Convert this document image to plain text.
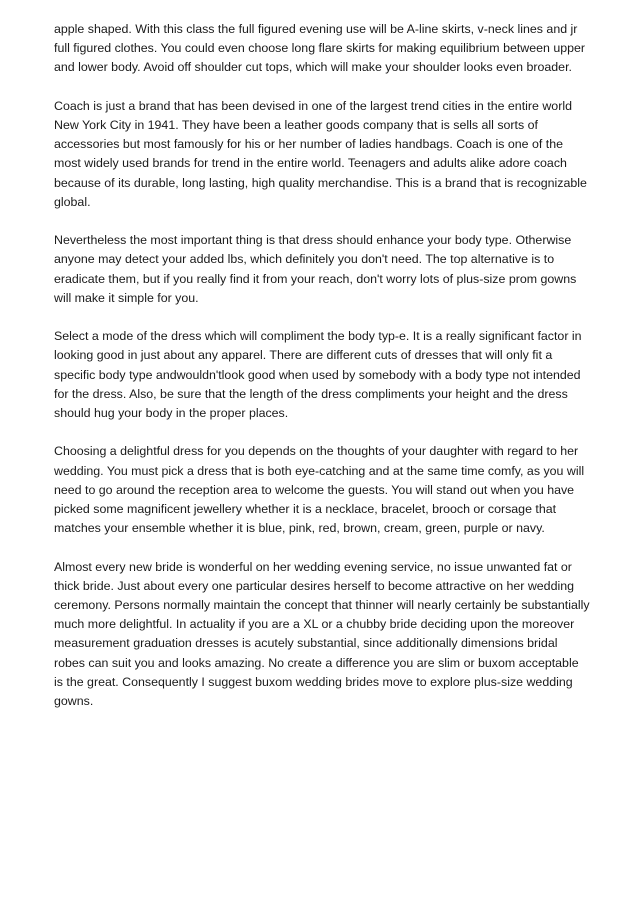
apple shaped. With this class the full figured evening use will be A-line skirts, v-neck lines and jr
full figured clothes. You could even choose long flare skirts for making equilibrium between upper
and lower body. Avoid off shoulder cut tops, which will make your shoulder looks even broader.

Coach is just a brand that has been devised in one of the largest trend cities in the entire world
New York City in 1941. They have been a leather goods company that is sells all sorts of
accessories but most famously for his or her number of ladies handbags. Coach is one of the
most widely used brands for trend in the entire world. Teenagers and adults alike adore coach
because of its durable, long lasting, high quality merchandise. This is a brand that is recognizable
global.

Nevertheless the most important thing is that dress should enhance your body type. Otherwise
anyone may detect your added lbs, which definitely you don't need. The top alternative is to
eradicate them, but if you really find it from your reach, don't worry lots of plus-size prom gowns
will make it simple for you.

Select a mode of the dress which will compliment the body typ-e. It is a really significant factor in
looking good in just about any apparel. There are different cuts of dresses that will only fit a
specific body type andwouldn'tlook good when used by somebody with a body type not intended
for the dress. Also, be sure that the length of the dress compliments your height and the dress
should hug your body in the proper places.

Choosing a delightful dress for you depends on the thoughts of your daughter with regard to her
wedding. You must pick a dress that is both eye-catching and at the same time comfy, as you will
need to go around the reception area to welcome the guests. You will stand out when you have
picked some magnificent jewellery whether it is a necklace, bracelet, brooch or corsage that
matches your ensemble whether it is blue, pink, red, brown, cream, green, purple or navy.

Almost every new bride is wonderful on her wedding evening service, no issue unwanted fat or
thick bride. Just about every one particular desires herself to become attractive on her wedding
ceremony. Persons normally maintain the concept that thinner will nearly certainly be substantially
much more delightful. In actuality if you are a XL or a chubby bride deciding upon the moreover
measurement graduation dresses is acutely substantial, since additionally dimensions bridal
robes can suit you and looks amazing. No create a difference you are slim or buxom acceptable
is the great. Consequently I suggest buxom wedding brides move to explore plus-size wedding
gowns.
